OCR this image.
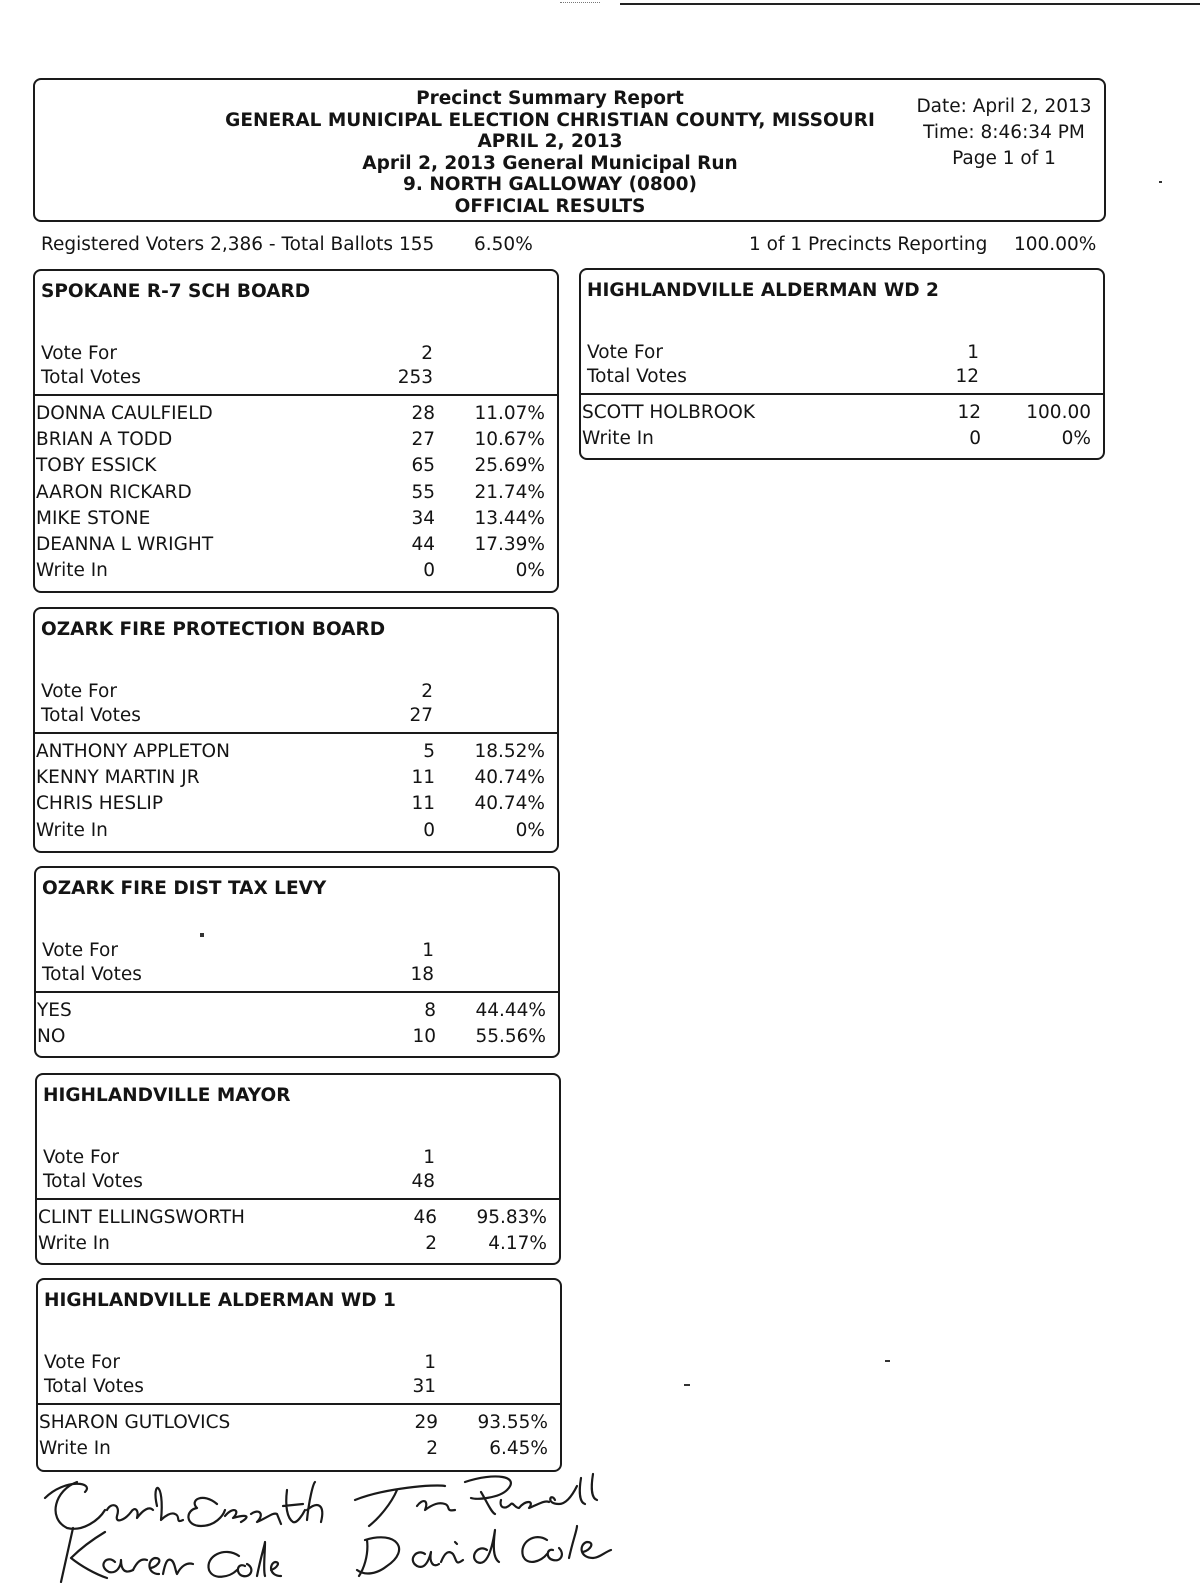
Precinct Summary Report
GENERAL MUNICIPAL ELECTION CHRISTIAN COUNTY, MISSOURI
APRIL 2, 2013
April 2, 2013 General Municipal Run
9. NORTH GALLOWAY (0800)
OFFICIAL RESULTS
Date: April 2, 2013
Time: 8:46:34 PM
Page 1 of 1
Registered Voters 2,386 - Total Ballots 155 6.50%	1 of 1 Precincts Reporting 100.00%
SPOKANE R-7 SCH BOARD
Vote For	2
Total Votes	253
DONNA CAULFIELD	28	11.07%
BRIAN A TODD	27	10.67%
TOBY ESSICK	65	25.69%
AARON RICKARD	55	21.74%
MIKE STONE	34	13.44%
DEANNA L WRIGHT	44	17.39%
Write In	0	0%
OZARK FIRE PROTECTION BOARD
Vote For	2
Total Votes	27
ANTHONY APPLETON	5	18.52%
KENNY MARTIN JR	11	40.74%
CHRIS HESLIP	11	40.74%
Write In	0	0%
OZARK FIRE DIST TAX LEVY
Vote For	1
Total Votes	18
YES	8	44.44%
NO	10	55.56%
HIGHLANDVILLE MAYOR
Vote For	1
Total Votes	48
CLINT ELLINGSWORTH	46	95.83%
Write In	2	4.17%
HIGHLANDVILLE ALDERMAN WD 1
Vote For	1
Total Votes	31
SHARON GUTLOVICS	29	93.55%
Write In	2	6.45%
HIGHLANDVILLE ALDERMAN WD 2
Vote For	1
Total Votes	12
SCOTT HOLBROOK	12	100.00
Write In	0	0%
